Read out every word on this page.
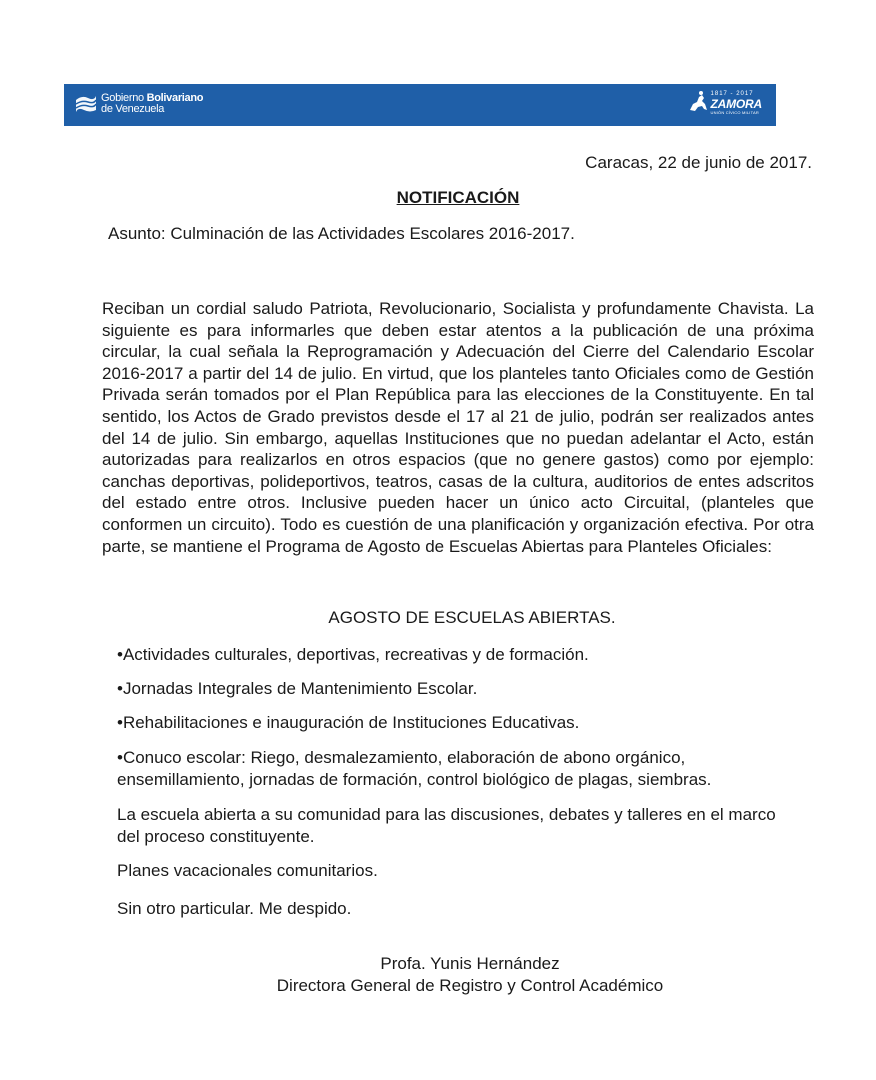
Gobierno Bolivariano
de Venezuela
1817 - 2017
ZAMORA
UNIÓN CÍVICO MILITAR
Caracas, 22 de junio de 2017.
NOTIFICACIÓN
Asunto: Culminación de las Actividades Escolares 2016-2017.

Reciban un cordial saludo Patriota, Revolucionario, Socialista y profundamente Chavista. La siguiente es para informarles que deben estar atentos a la publicación de una próxima circular, la cual señala la Reprogramación y Adecuación del Cierre del Calendario Escolar 2016-2017 a partir del 14 de julio. En virtud, que los planteles tanto Oficiales como de Gestión Privada serán tomados por el Plan República para las elecciones de la Constituyente. En tal sentido, los Actos de Grado previstos desde el 17 al 21 de julio, podrán ser realizados antes del 14 de julio. Sin embargo, aquellas Instituciones que no puedan adelantar el Acto, están autorizadas para realizarlos en otros espacios (que no genere gastos) como por ejemplo: canchas deportivas, polideportivos, teatros, casas de la cultura, auditorios de entes adscritos del estado entre otros. Inclusive pueden hacer un único acto Circuital, (planteles que conformen un circuito). Todo es cuestión de una planificación y organización efectiva. Por otra parte, se mantiene el Programa de Agosto de Escuelas Abiertas para Planteles Oficiales:

AGOSTO DE ESCUELAS ABIERTAS.

•Actividades culturales, deportivas, recreativas y de formación.

•Jornadas Integrales de Mantenimiento Escolar.

•Rehabilitaciones e inauguración de Instituciones Educativas.

•Conuco escolar: Riego, desmalezamiento, elaboración de abono orgánico,

ensemillamiento, jornadas de formación, control biológico de plagas, siembras.

La escuela abierta a su comunidad para las discusiones, debates y talleres en el marco

del proceso constituyente.

Planes vacacionales comunitarios.

Sin otro particular. Me despido.

Profa. Yunis Hernández
Directora General de Registro y Control Académico
